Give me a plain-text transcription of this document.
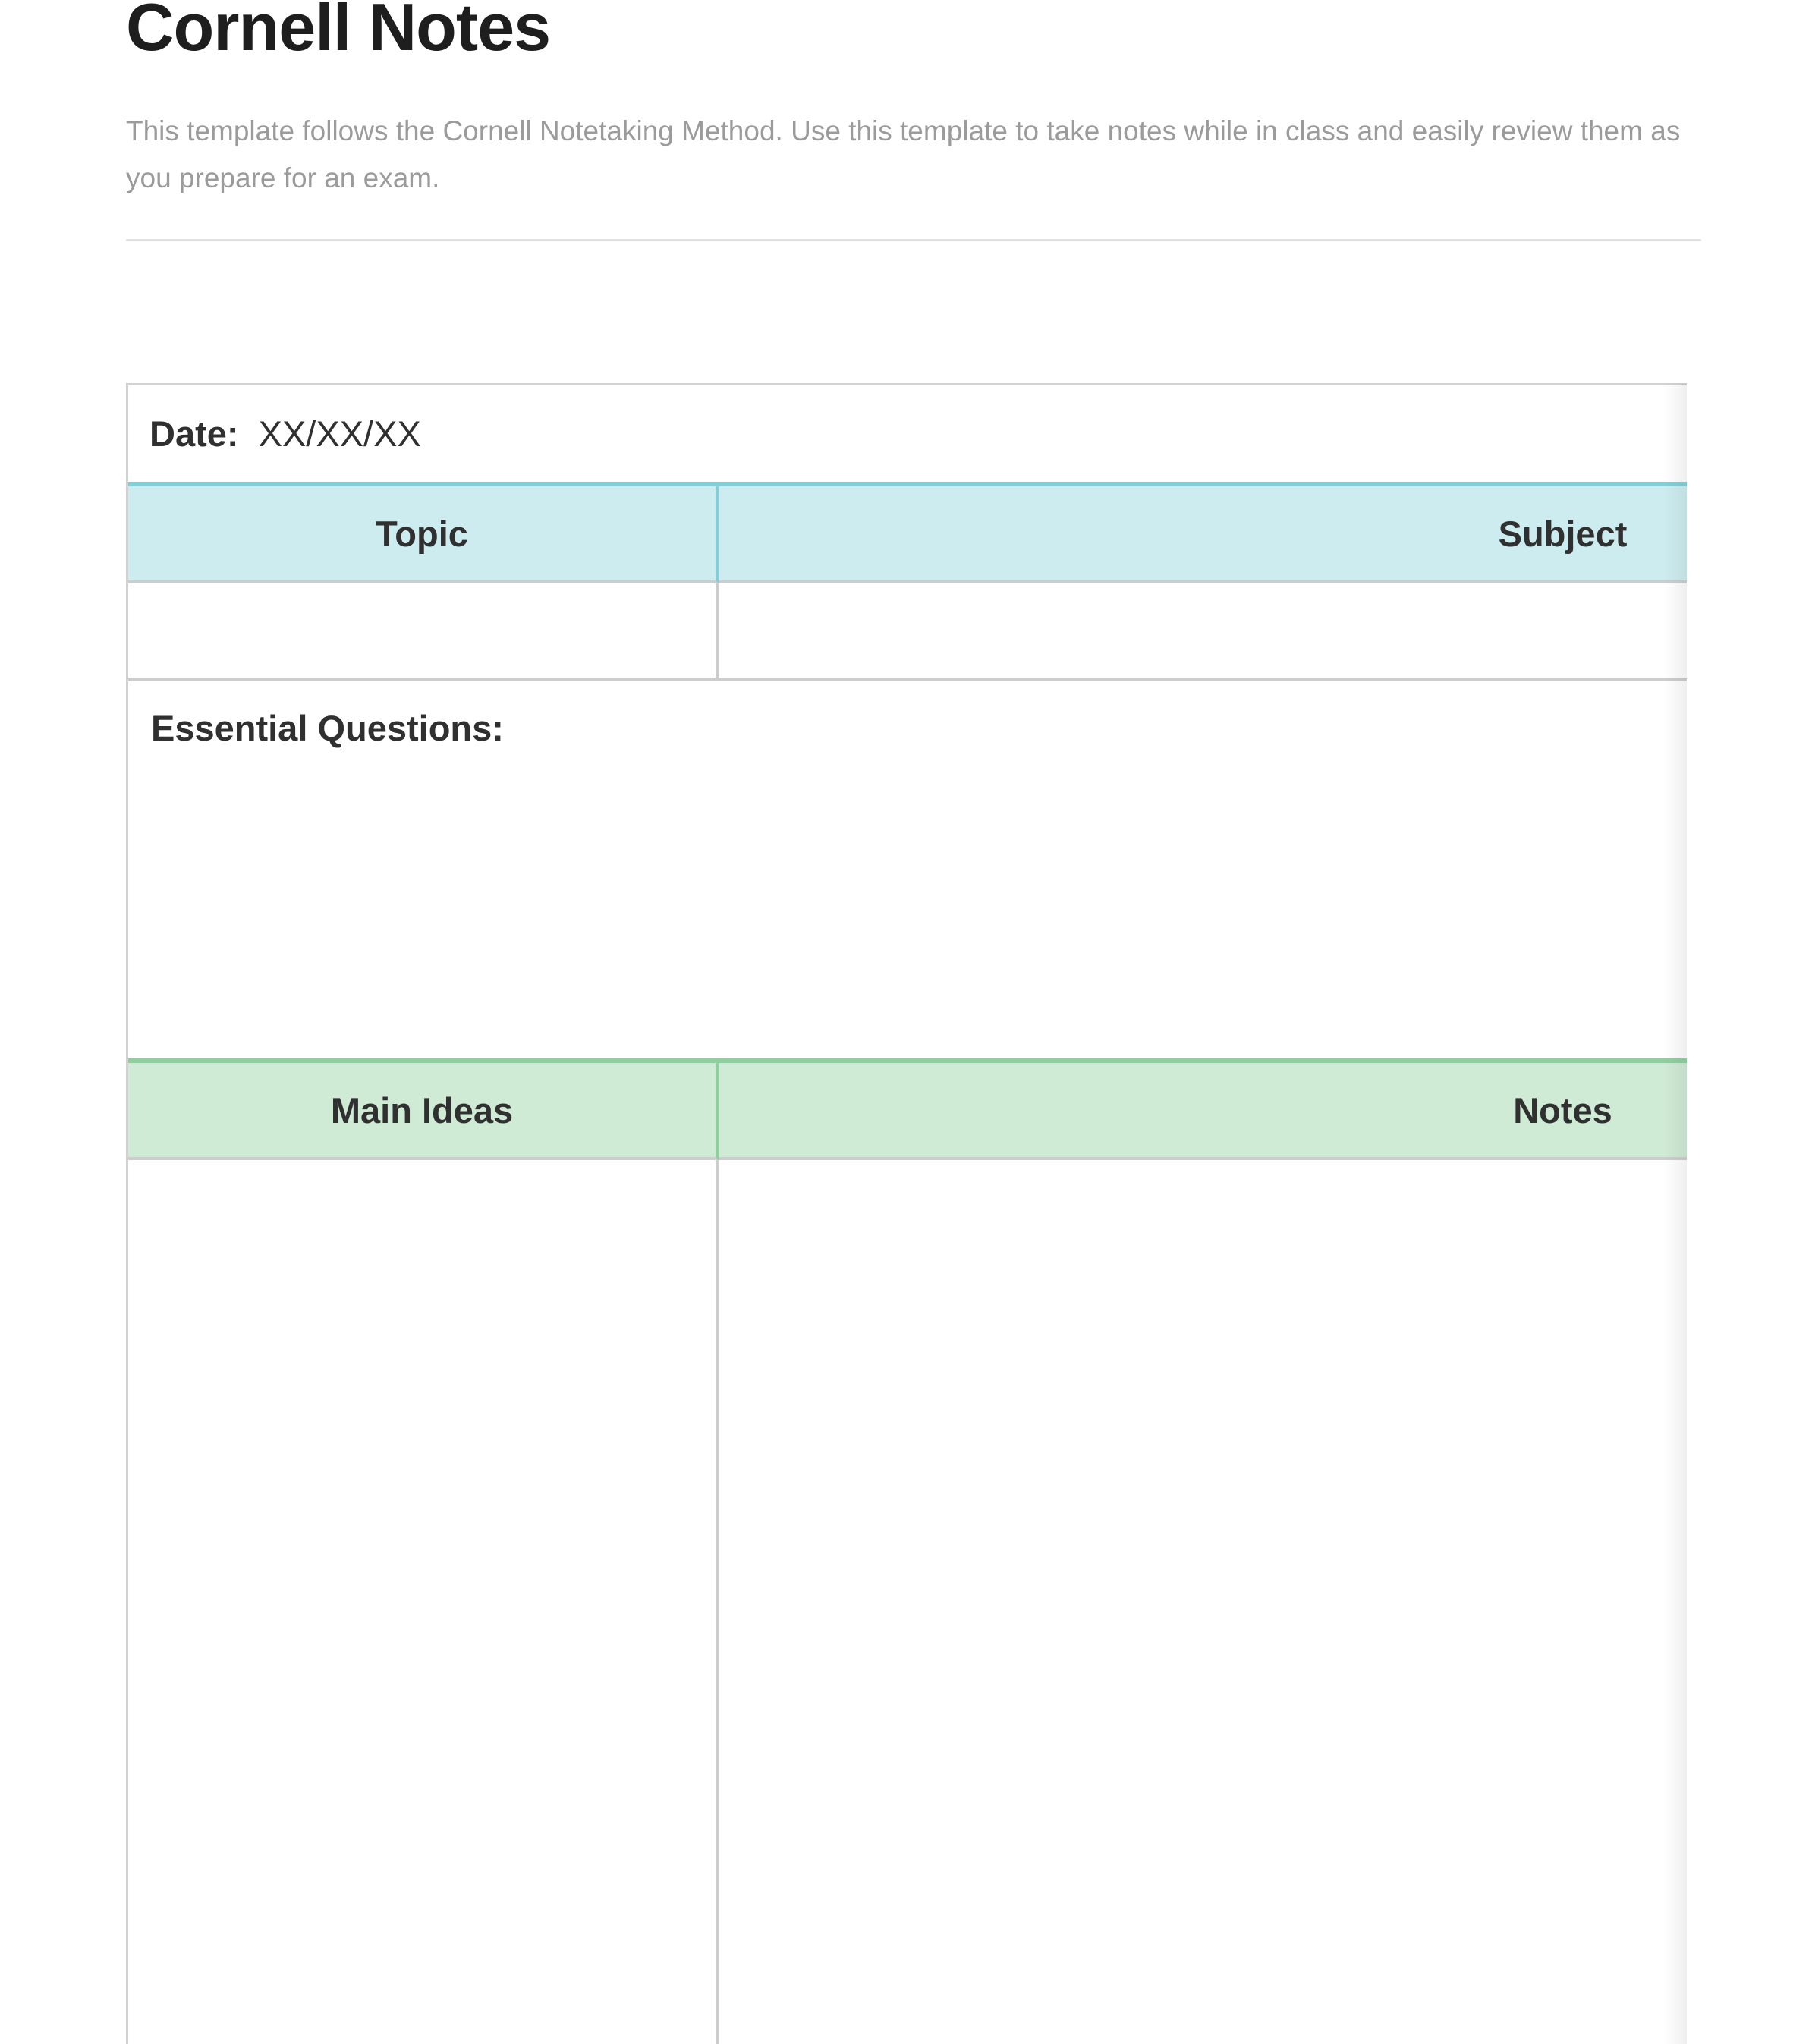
Cornell Notes

This template follows the Cornell Notetaking Method. Use this template to take notes while in class and easily review them as you prepare for an exam.

Date: XX/XX/XX	
Topic	Subject

Essential Questions:	
Main Ideas	Notes
